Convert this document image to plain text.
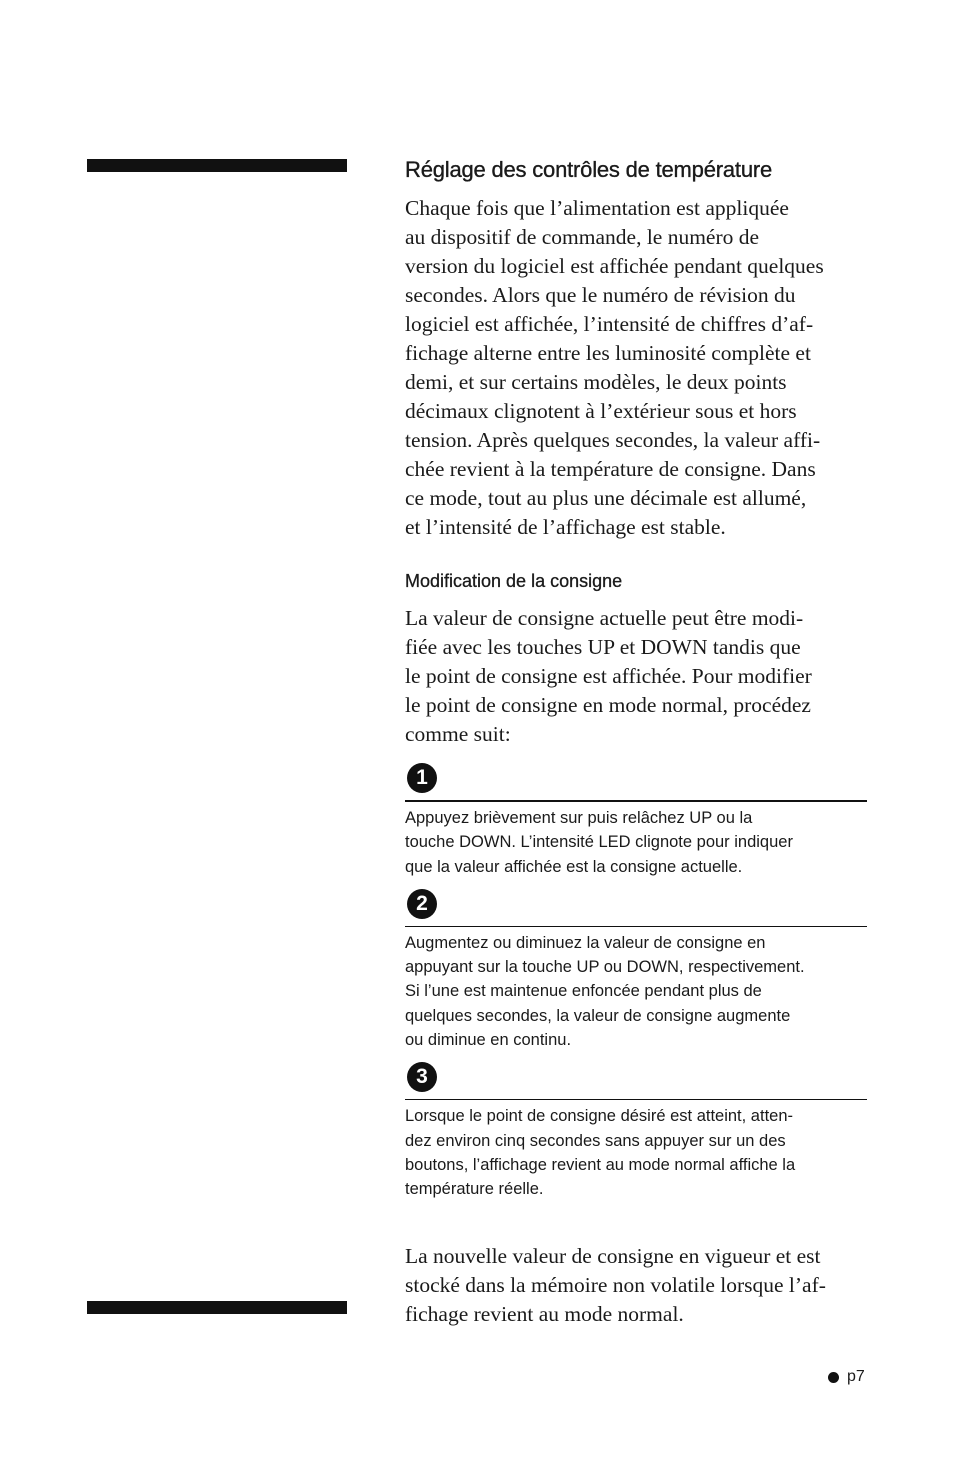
Réglage des contrôles de température

Chaque fois que l’alimentation est appliquée
au dispositif de commande, le numéro de
version du logiciel est affichée pendant quelques
secondes. Alors que le numéro de révision du
logiciel est affichée, l’intensité de chiffres d’af-
fichage alterne entre les luminosité complète et
demi, et sur certains modèles, le deux points
décimaux clignotent à l’extérieur sous et hors
tension. Après quelques secondes, la valeur affi-
chée revient à la température de consigne. Dans
ce mode, tout au plus une décimale est allumé,
et l’intensité de l’affichage est stable.

Modification de la consigne

La valeur de consigne actuelle peut être modi-
fiée avec les touches UP et DOWN tandis que
le point de consigne est affichée. Pour modifier
le point de consigne en mode normal, procédez
comme suit:

1

Appuyez brièvement sur puis relâchez UP ou la
touche DOWN. L’intensité LED clignote pour indiquer
que la valeur affichée est la consigne actuelle.

2

Augmentez ou diminuez la valeur de consigne en
appuyant sur la touche UP ou DOWN, respectivement.
Si l’une est maintenue enfoncée pendant plus de
quelques secondes, la valeur de consigne augmente
ou diminue en continu.

3

Lorsque le point de consigne désiré est atteint, atten-
dez environ cinq secondes sans appuyer sur un des
boutons, l’affichage revient au mode normal affiche la
température réelle.

La nouvelle valeur de consigne en vigueur et est
stocké dans la mémoire non volatile lorsque l’af-
fichage revient au mode normal.

p7
